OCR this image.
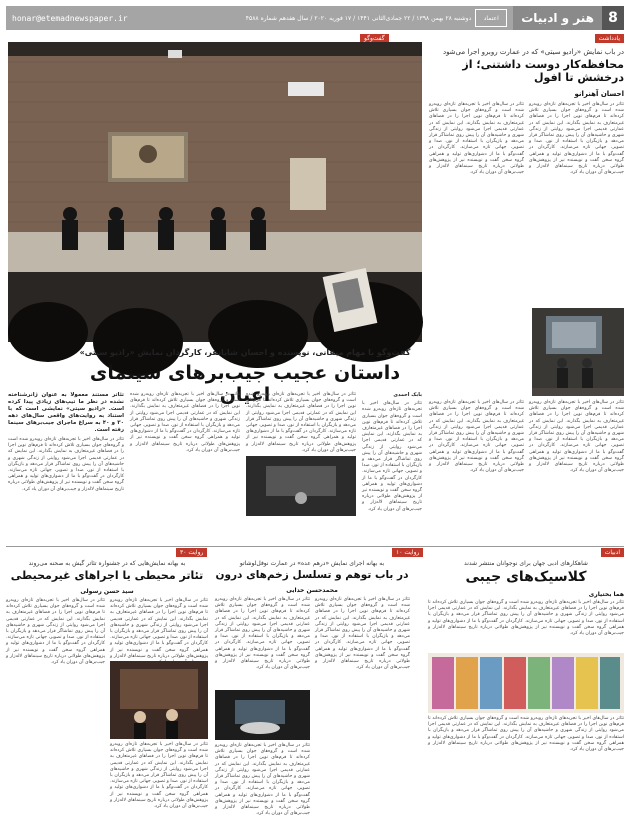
8
هنر و ادبیات
honar@etemadnewspaper.ir	دوشنبه ۲۸ بهمن ۱۳۹۸ / ۲۲ جمادی‌الثانی ۱۴۴۱ / ۱۷ فوریه ۲۰۲۰ / سال هفدهم شماره ۴۵۸۸	اعتماد
یادداشت
در باب نمایش «رادیو سیتی» که در عمارت روبرو اجرا می‌شود
محافظه‌کار دوست داشتنی؛ از درخشش تا افول
احسان آهنرانو
تئاتر در سال‌های اخیر با تجربه‌های تازه‌ای روبه‌رو شده است و گروه‌های جوان بسیاری تلاش کرده‌اند تا فرم‌های نوین اجرا را در فضاهای غیرمتعارف به نمایش بگذارند. این نمایش که در عمارتی قدیمی اجرا می‌شود روایتی از زندگی شهری و حاشیه‌های آن را پیش روی تماشاگر قرار می‌دهد و بازیگران با استفاده از نور، صدا و تصویر، جهانی تازه می‌سازند. کارگردان در گفت‌وگو با ما از دشواری‌های تولید و همراهی گروه سخن گفت و نویسنده نیز از پژوهش‌های طولانی درباره تاریخ سینماهای لاله‌زار و جیب‌برهای آن دوران یاد کرد.
تئاتر در سال‌های اخیر با تجربه‌های تازه‌ای روبه‌رو شده است و گروه‌های جوان بسیاری تلاش کرده‌اند تا فرم‌های نوین اجرا را در فضاهای غیرمتعارف به نمایش بگذارند. این نمایش که در عمارتی قدیمی اجرا می‌شود روایتی از زندگی شهری و حاشیه‌های آن را پیش روی تماشاگر قرار می‌دهد و بازیگران با استفاده از نور، صدا و تصویر، جهانی تازه می‌سازند. کارگردان در گفت‌وگو با ما از دشواری‌های تولید و همراهی گروه سخن گفت و نویسنده نیز از پژوهش‌های طولانی درباره تاریخ سینماهای لاله‌زار و جیب‌برهای آن دوران یاد کرد.
تئاتر در سال‌های اخیر با تجربه‌های تازه‌ای روبه‌رو شده است و گروه‌های جوان بسیاری تلاش کرده‌اند تا فرم‌های نوین اجرا را در فضاهای غیرمتعارف به نمایش بگذارند. این نمایش که در عمارتی قدیمی اجرا می‌شود روایتی از زندگی شهری و حاشیه‌های آن را پیش روی تماشاگر قرار می‌دهد و بازیگران با استفاده از نور، صدا و تصویر، جهانی تازه می‌سازند. کارگردان در گفت‌وگو با ما از دشواری‌های تولید و همراهی گروه سخن گفت و نویسنده نیز از پژوهش‌های طولانی درباره تاریخ سینماهای لاله‌زار و جیب‌برهای آن دوران یاد کرد.
تئاتر در سال‌های اخیر با تجربه‌های تازه‌ای روبه‌رو شده است و گروه‌های جوان بسیاری تلاش کرده‌اند تا فرم‌های نوین اجرا را در فضاهای غیرمتعارف به نمایش بگذارند. این نمایش که در عمارتی قدیمی اجرا می‌شود روایتی از زندگی شهری و حاشیه‌های آن را پیش روی تماشاگر قرار می‌دهد و بازیگران با استفاده از نور، صدا و تصویر، جهانی تازه می‌سازند. کارگردان در گفت‌وگو با ما از دشواری‌های تولید و همراهی گروه سخن گفت و نویسنده نیز از پژوهش‌های طولانی درباره تاریخ سینماهای لاله‌زار و جیب‌برهای آن دوران یاد کرد.
گفت‌وگو
گفت‌وگو با مهام میقانی، نویسنده و احسان شایانفر، کارگردان نمایش «رادیو سیتی»
داستان عجیب جیب‌برهای سینمای اعیان	بابک احمدی
تئاتر در سال‌های اخیر با تجربه‌های تازه‌ای روبه‌رو شده است و گروه‌های جوان بسیاری تلاش کرده‌اند تا فرم‌های نوین اجرا را در فضاهای غیرمتعارف به نمایش بگذارند. این نمایش که در عمارتی قدیمی اجرا می‌شود روایتی از زندگی شهری و حاشیه‌های آن را پیش روی تماشاگر قرار می‌دهد و بازیگران با استفاده از نور، صدا و تصویر، جهانی تازه می‌سازند. کارگردان در گفت‌وگو با ما از دشواری‌های تولید و همراهی گروه سخن گفت و نویسنده نیز از پژوهش‌های طولانی درباره تاریخ سینماهای لاله‌زار و جیب‌برهای آن دوران یاد کرد.
تئاتر در سال‌های اخیر با تجربه‌های تازه‌ای روبه‌رو شده است و گروه‌های جوان بسیاری تلاش کرده‌اند تا فرم‌های نوین اجرا را در فضاهای غیرمتعارف به نمایش بگذارند. این نمایش که در عمارتی قدیمی اجرا می‌شود روایتی از زندگی شهری و حاشیه‌های آن را پیش روی تماشاگر قرار می‌دهد و بازیگران با استفاده از نور، صدا و تصویر، جهانی تازه می‌سازند. کارگردان در گفت‌وگو با ما از دشواری‌های تولید و همراهی گروه سخن گفت و نویسنده نیز از پژوهش‌های طولانی درباره تاریخ سینماهای لاله‌زار و جیب‌برهای آن دوران یاد کرد.
تئاتر در سال‌های اخیر با تجربه‌های تازه‌ای روبه‌رو شده است و گروه‌های جوان بسیاری تلاش کرده‌اند تا فرم‌های نوین اجرا را در فضاهای غیرمتعارف به نمایش بگذارند. این نمایش که در عمارتی قدیمی اجرا می‌شود روایتی از زندگی شهری و حاشیه‌های آن را پیش روی تماشاگر قرار می‌دهد و بازیگران با استفاده از نور، صدا و تصویر، جهانی تازه می‌سازند. کارگردان در گفت‌وگو با ما از دشواری‌های تولید و همراهی گروه سخن گفت و نویسنده نیز از پژوهش‌های طولانی درباره تاریخ سینماهای لاله‌زار و جیب‌برهای آن دوران یاد کرد.
تئاتر مستند معمولا به عنوان ژانرشناخته نشده در نظر ما تیپ‌های زیادی پیدا کرده است. «رادیو سیتی» نمایشی است که با استناد به روایت‌های واقعی سال‌های دهه ۳۰ و ۴۰ به سراغ ماجرای جیب‌برهای سینما رفته است.
تئاتر در سال‌های اخیر با تجربه‌های تازه‌ای روبه‌رو شده است و گروه‌های جوان بسیاری تلاش کرده‌اند تا فرم‌های نوین اجرا را در فضاهای غیرمتعارف به نمایش بگذارند. این نمایش که در عمارتی قدیمی اجرا می‌شود روایتی از زندگی شهری و حاشیه‌های آن را پیش روی تماشاگر قرار می‌دهد و بازیگران با استفاده از نور، صدا و تصویر، جهانی تازه می‌سازند. کارگردان در گفت‌وگو با ما از دشواری‌های تولید و همراهی گروه سخن گفت و نویسنده نیز از پژوهش‌های طولانی درباره تاریخ سینماهای لاله‌زار و جیب‌برهای آن دوران یاد کرد.
ادبیات
شاهکارهای ادبی جهان برای نوجوانان منتشر شدند
کلاسیک‌های جیبی
هما بختیاری
تئاتر در سال‌های اخیر با تجربه‌های تازه‌ای روبه‌رو شده است و گروه‌های جوان بسیاری تلاش کرده‌اند تا فرم‌های نوین اجرا را در فضاهای غیرمتعارف به نمایش بگذارند. این نمایش که در عمارتی قدیمی اجرا می‌شود روایتی از زندگی شهری و حاشیه‌های آن را پیش روی تماشاگر قرار می‌دهد و بازیگران با استفاده از نور، صدا و تصویر، جهانی تازه می‌سازند. کارگردان در گفت‌وگو با ما از دشواری‌های تولید و همراهی گروه سخن گفت و نویسنده نیز از پژوهش‌های طولانی درباره تاریخ سینماهای لاله‌زار و جیب‌برهای آن دوران یاد کرد.
تئاتر در سال‌های اخیر با تجربه‌های تازه‌ای روبه‌رو شده است و گروه‌های جوان بسیاری تلاش کرده‌اند تا فرم‌های نوین اجرا را در فضاهای غیرمتعارف به نمایش بگذارند. این نمایش که در عمارتی قدیمی اجرا می‌شود روایتی از زندگی شهری و حاشیه‌های آن را پیش روی تماشاگر قرار می‌دهد و بازیگران با استفاده از نور، صدا و تصویر، جهانی تازه می‌سازند. کارگردان در گفت‌وگو با ما از دشواری‌های تولید و همراهی گروه سخن گفت و نویسنده نیز از پژوهش‌های طولانی درباره تاریخ سینماهای لاله‌زار و جیب‌برهای آن دوران یاد کرد.
روایت ۱۰
به بهانه اجرای نمایش «درهم عده» در عمارت نوفل‌لوشاتو
در باب توهم و تسلسل زخم‌های درون
محمدحسن خدایی
تئاتر در سال‌های اخیر با تجربه‌های تازه‌ای روبه‌رو شده است و گروه‌های جوان بسیاری تلاش کرده‌اند تا فرم‌های نوین اجرا را در فضاهای غیرمتعارف به نمایش بگذارند. این نمایش که در عمارتی قدیمی اجرا می‌شود روایتی از زندگی شهری و حاشیه‌های آن را پیش روی تماشاگر قرار می‌دهد و بازیگران با استفاده از نور، صدا و تصویر، جهانی تازه می‌سازند. کارگردان در گفت‌وگو با ما از دشواری‌های تولید و همراهی گروه سخن گفت و نویسنده نیز از پژوهش‌های طولانی درباره تاریخ سینماهای لاله‌زار و جیب‌برهای آن دوران یاد کرد.
تئاتر در سال‌های اخیر با تجربه‌های تازه‌ای روبه‌رو شده است و گروه‌های جوان بسیاری تلاش کرده‌اند تا فرم‌های نوین اجرا را در فضاهای غیرمتعارف به نمایش بگذارند. این نمایش که در عمارتی قدیمی اجرا می‌شود روایتی از زندگی شهری و حاشیه‌های آن را پیش روی تماشاگر قرار می‌دهد و بازیگران با استفاده از نور، صدا و تصویر، جهانی تازه می‌سازند. کارگردان در گفت‌وگو با ما از دشواری‌های تولید و همراهی گروه سخن گفت و نویسنده نیز از پژوهش‌های طولانی درباره تاریخ سینماهای لاله‌زار و جیب‌برهای آن دوران یاد کرد.
تئاتر در سال‌های اخیر با تجربه‌های تازه‌ای روبه‌رو شده است و گروه‌های جوان بسیاری تلاش کرده‌اند تا فرم‌های نوین اجرا را در فضاهای غیرمتعارف به نمایش بگذارند. این نمایش که در عمارتی قدیمی اجرا می‌شود روایتی از زندگی شهری و حاشیه‌های آن را پیش روی تماشاگر قرار می‌دهد و بازیگران با استفاده از نور، صدا و تصویر، جهانی تازه می‌سازند. کارگردان در گفت‌وگو با ما از دشواری‌های تولید و همراهی گروه سخن گفت و نویسنده نیز از پژوهش‌های طولانی درباره تاریخ سینماهای لاله‌زار و جیب‌برهای آن دوران یاد کرد.
روایت ۳۰
به بهانه نمایش‌هایی که در جشنواره تئاتر گیش به صحنه می‌روند
تئاتر محیطی یا اجراهای غیرمحیطی
سید حسن رسولی
تئاتر در سال‌های اخیر با تجربه‌های تازه‌ای روبه‌رو شده است و گروه‌های جوان بسیاری تلاش کرده‌اند تا فرم‌های نوین اجرا را در فضاهای غیرمتعارف به نمایش بگذارند. این نمایش که در عمارتی قدیمی اجرا می‌شود روایتی از زندگی شهری و حاشیه‌های آن را پیش روی تماشاگر قرار می‌دهد و بازیگران با استفاده از نور، صدا و تصویر، جهانی تازه می‌سازند. کارگردان در گفت‌وگو با ما از دشواری‌های تولید و همراهی گروه سخن گفت و نویسنده نیز از پژوهش‌های طولانی درباره تاریخ سینماهای لاله‌زار و
تئاتر در سال‌های اخیر با تجربه‌های تازه‌ای روبه‌رو شده است و گروه‌های جوان بسیاری تلاش کرده‌اند تا فرم‌های نوین اجرا را در فضاهای غیرمتعارف به نمایش بگذارند. این نمایش که در عمارتی قدیمی اجرا می‌شود روایتی از زندگی شهری و حاشیه‌های آن را پیش روی تماشاگر قرار می‌دهد و بازیگران با استفاده از نور، صدا و تصویر، جهانی تازه می‌سازند. کارگردان در گفت‌وگو با ما از دشواری‌های تولید و همراهی گروه سخن گفت و نویسنده نیز از پژوهش‌های طولانی درباره تاریخ سینماهای لاله‌زار و جیب‌برهای آن دوران یاد کرد.
تئاتر در سال‌های اخیر با تجربه‌های تازه‌ای روبه‌رو شده است و گروه‌های جوان بسیاری تلاش کرده‌اند تا فرم‌های نوین اجرا را در فضاهای غیرمتعارف به نمایش بگذارند. این نمایش که در عمارتی قدیمی اجرا می‌شود روایتی از زندگی شهری و حاشیه‌های آن را پیش روی تماشاگر قرار می‌دهد و بازیگران با استفاده از نور، صدا و تصویر، جهانی تازه می‌سازند. کارگردان در گفت‌وگو با ما از دشواری‌های تولید و همراهی گروه سخن گفت و نویسنده نیز از پژوهش‌های طولانی درباره تاریخ سینماهای لاله‌زار و جیب‌برهای آن دوران یاد کرد.
